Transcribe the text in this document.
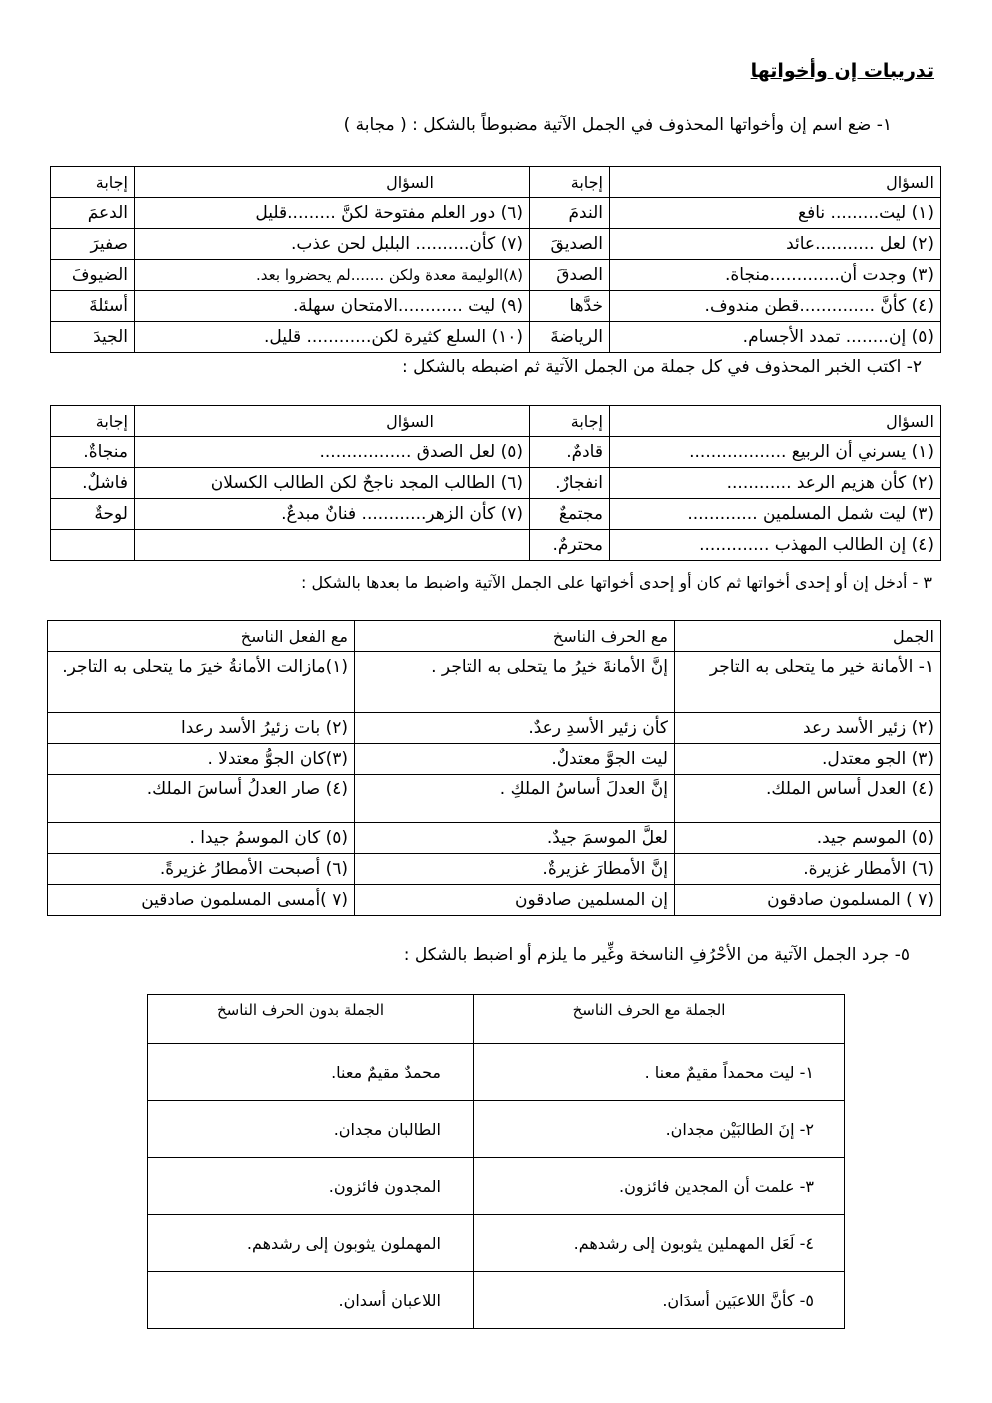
تدريبات إن وأخواتها
١- ضع اسم إن وأخواتها المحذوف في الجمل الآتية مضبوطاً بالشكل : ( مجابة )
السؤال	إجابة	السؤال	إجابة
(١) ليت......... نافع	الندمَ	(٦) دور العلم مفتوحة لكنَّ .........قليل	الدعمَ
(٢) لعل ...........عائد	الصديقَ	(٧) كأن.......... البلبل لحن عذب.	صفيرَ
(٣) وجدت أن.............منجاة.	الصدقَ	(٨)الوليمة معدة ولكن .......لم يحضروا بعد.	الضيوفَ
(٤) كأنَّ ..............قطن مندوف.	خدَّها	(٩) ليت ............الامتحان سهلة.	أسئلةَ
(٥) إن........ تمدد الأجسام.	الرياضةَ	(١٠) السلع كثيرة لكن............ قليل.	الجيدَ
٢- اكتب الخبر المحذوف في كل جملة من الجمل الآتية ثم اضبطه بالشكل :
السؤال	إجابة	السؤال	إجابة
(١) يسرني أن الربيع ..................	قادمٌ.	(٥) لعل الصدق .................	منجاةٌ.
(٢) كأن هزيم الرعد ............	انفجارٌ.	(٦) الطالب المجد ناجحٌ لكن الطالب الكسلان	فاشلٌ.
(٣) ليت شمل المسلمين .............	مجتمعٌ	(٧) كأن الزهر............ فنانٌ مبدعٌ.	لوحةٌ
(٤) إن الطالب المهذب .............	محترمٌ.		
٣ - أدخل إن أو إحدى أخواتها ثم كان أو إحدى أخواتها على الجمل الآتية واضبط ما بعدها بالشكل :
الجمل	مع الحرف الناسخ	مع الفعل الناسخ
١- الأمانة خير ما يتحلى به التاجر	إنَّ الأمانةَ خيرُ ما يتحلى به التاجر .	(١)مازالت الأمانةُ خيرَ ما يتحلى به التاجر.
(٢) زئير الأسد رعد	كأن زئير الأسدِ رعدٌ.	(٢) بات زئيرُ الأسد رعدا
(٣) الجو معتدل.	ليت الجوَّ معتدلٌ.	(٣)كان الجوُّ معتدلا .
(٤) العدل أساس الملك.	إنَّ العدلَ أساسُ الملكِ .	(٤) صار العدلُ أساسَ الملك.
(٥) الموسم جيد.	لعلَّ الموسمَ جيدٌ.	(٥) كان الموسمُ جيدا .
(٦) الأمطار غزيرة.	إنَّ الأمطارَ غزيرةٌ.	(٦) أصبحت الأمطارُ غزيرةً.
(٧ ) المسلمون صادقون	إن المسلمين صادقون	(٧ )أمسى المسلمون صادقين
٥- جرد الجمل الآتية من الأحْرُفِ الناسخة وغِّير ما يلزم أو اضبط بالشكل :
الجملة مع الحرف الناسخ	الجملة بدون الحرف الناسخ
١- ليت محمداً مقيمٌ معنا .	محمدٌ مقيمٌ معنا.
٢- إنَ الطالبَيْن مجدان.	الطالبان مجدان.
٣- علمت أن المجدين فائزون.	المجدون فائزون.
٤- لَعَل المهملين يثوبون إلى رشدهم.	المهملون يثوبون إلى رشدهم.
٥- كأنَّ اللاعبَين أسدَان.	اللاعبان أسدان.
